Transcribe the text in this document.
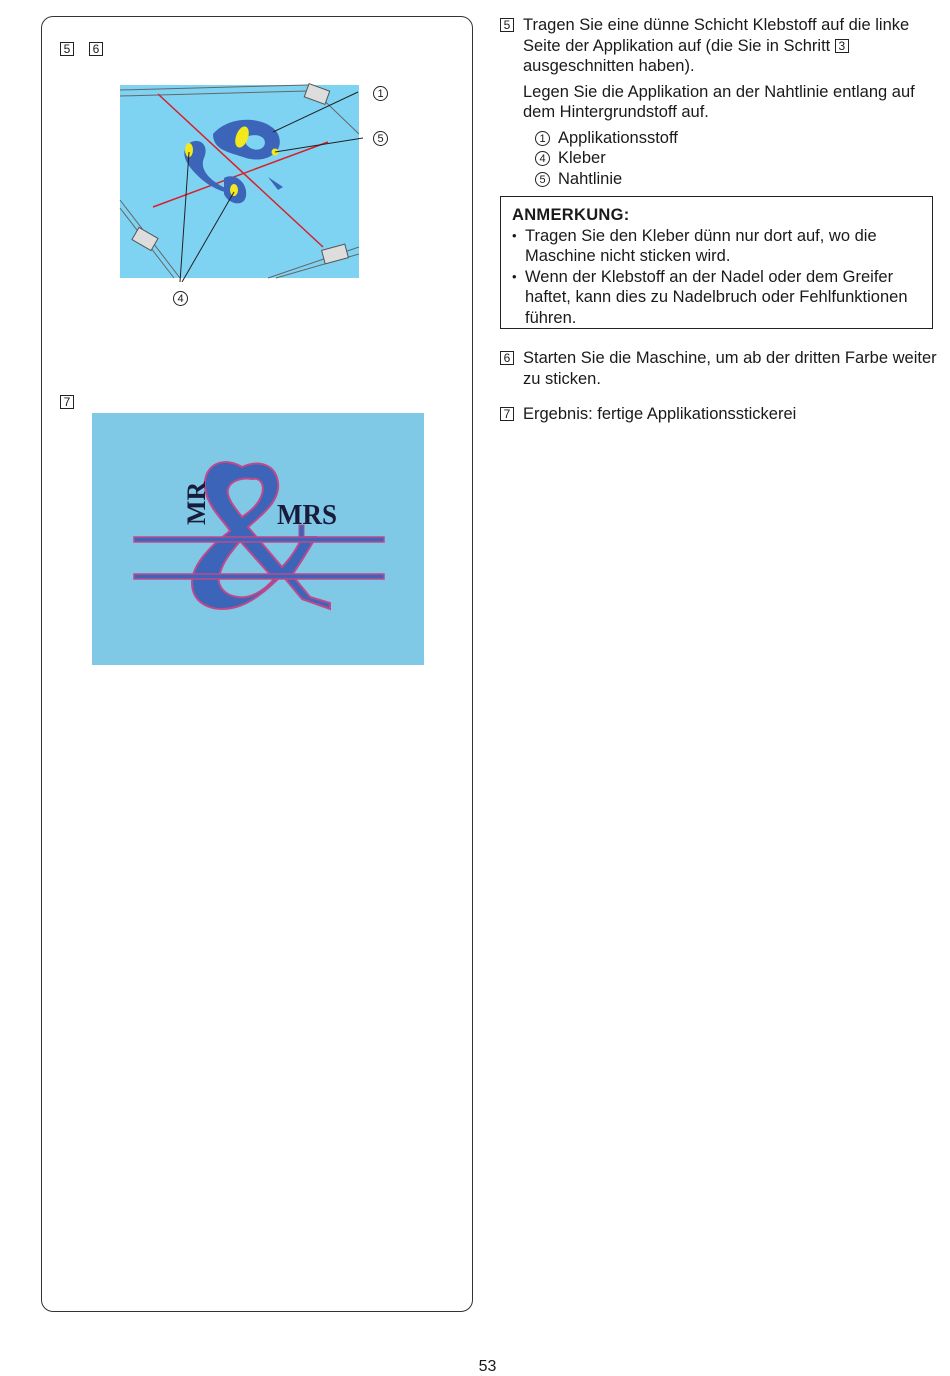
5	6
1
5
4
7
MR MRS
5 Tragen Sie eine dünne Schicht Klebstoff auf die linke Seite der Applikation auf (die Sie in Schritt 3 ausgeschnitten haben).
Legen Sie die Applikation an der Nahtlinie entlang auf dem Hintergrundstoff auf.
1 Applikationsstoff
4 Kleber
5 Nahtlinie
ANMERKUNG:
• Tragen Sie den Kleber dünn nur dort auf, wo die Maschine nicht sticken wird.
• Wenn der Klebstoff an der Nadel oder dem Greifer haftet, kann dies zu Nadelbruch oder Fehlfunktionen führen.
6 Starten Sie die Maschine, um ab der dritten Farbe weiter zu sticken.
7 Ergebnis: fertige Applikationsstickerei
53
